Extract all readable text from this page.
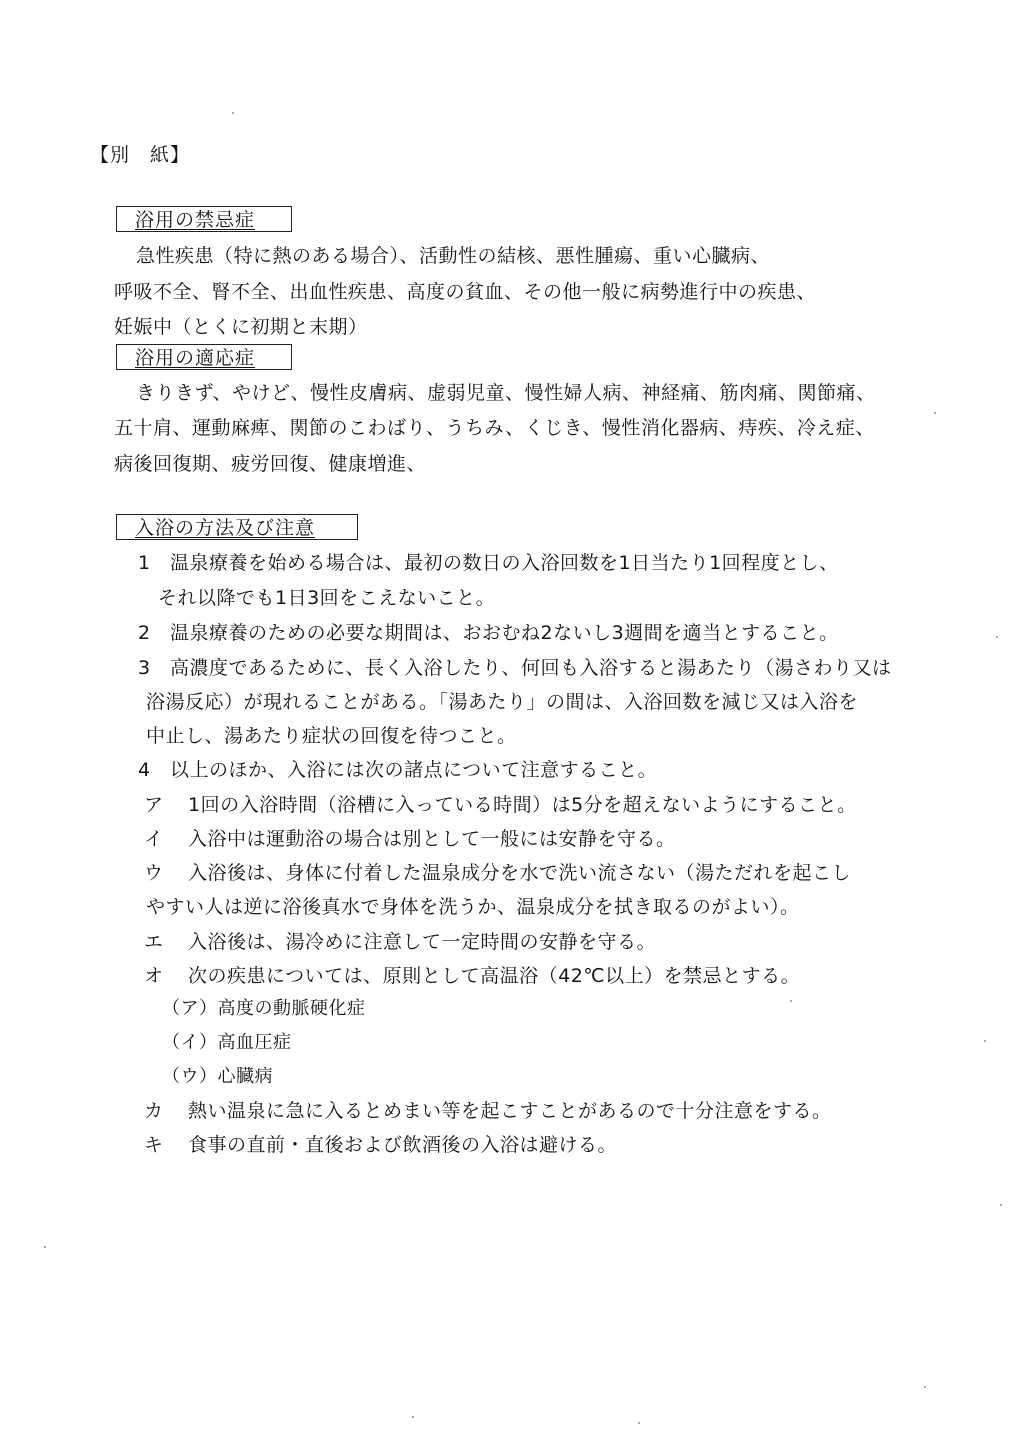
【別　紙】
浴用の禁忌症
急性疾患（特に熱のある場合）、活動性の結核、悪性腫瘍、重い心臓病、
呼吸不全、腎不全、出血性疾患、高度の貧血、その他一般に病勢進行中の疾患、
妊娠中（とくに初期と末期）
浴用の適応症
きりきず、やけど、慢性皮膚病、虚弱児童、慢性婦人病、神経痛、筋肉痛、関節痛、
五十肩、運動麻痺、関節のこわばり、うちみ、くじき、慢性消化器病、痔疾、冷え症、
病後回復期、疲労回復、健康増進、
入浴の方法及び注意
1 温泉療養を始める場合は、最初の数日の入浴回数を1日当たり1回程度とし、
それ以降でも1日3回をこえないこと。
2 温泉療養のための必要な期間は、おおむね2ないし3週間を適当とすること。
3 高濃度であるために、長く入浴したり、何回も入浴すると湯あたり（湯さわり又は
浴湯反応）が現れることがある。「湯あたり」の間は、入浴回数を減じ又は入浴を
中止し、湯あたり症状の回復を待つこと。
4 以上のほか、入浴には次の諸点について注意すること。
ア 1回の入浴時間（浴槽に入っている時間）は5分を超えないようにすること。
イ 入浴中は運動浴の場合は別として一般には安静を守る。
ウ 入浴後は、身体に付着した温泉成分を水で洗い流さない（湯ただれを起こし
やすい人は逆に浴後真水で身体を洗うか、温泉成分を拭き取るのがよい）。
エ 入浴後は、湯冷めに注意して一定時間の安静を守る。
オ 次の疾患については、原則として高温浴（42℃以上）を禁忌とする。
（ア）高度の動脈硬化症
（イ）高血圧症
（ウ）心臓病
カ 熱い温泉に急に入るとめまい等を起こすことがあるので十分注意をする。
キ 食事の直前・直後および飲酒後の入浴は避ける。
